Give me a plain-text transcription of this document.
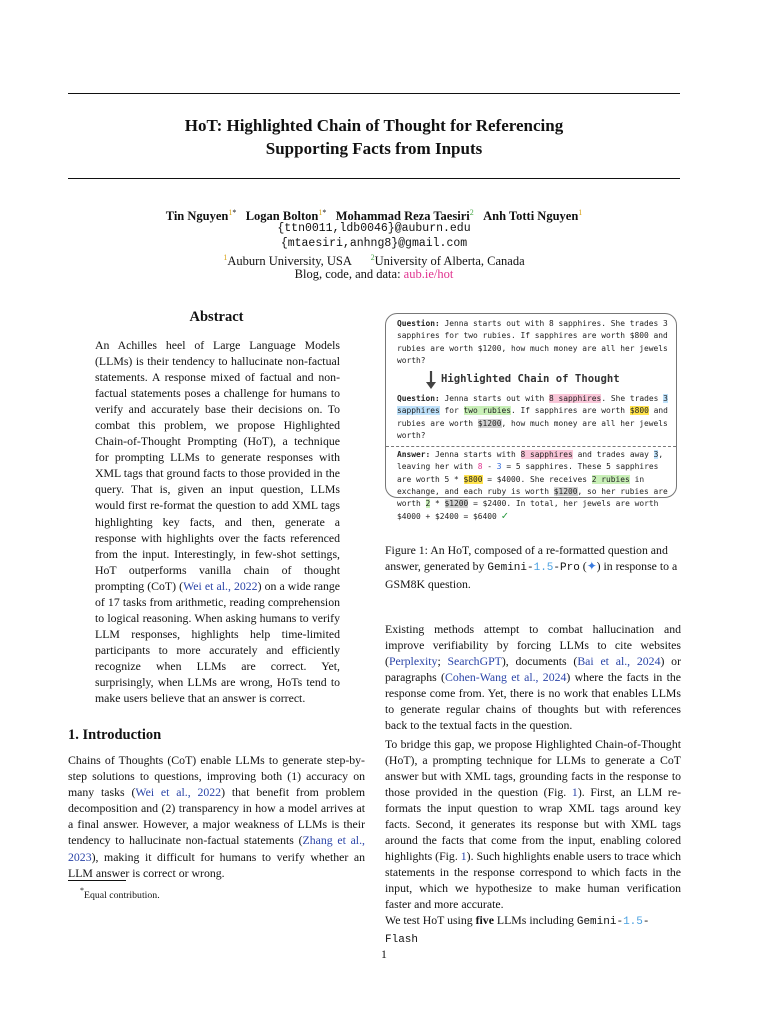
HoT: Highlighted Chain of Thought for Referencing
Supporting Facts from Inputs
Tin Nguyen$^{1*}$ Logan Bolton$^{1*}$ Mohammad Reza Taesiri$^2$ Anh Totti Nguyen$^1$
{ttn0011,ldb0046}@auburn.edu
{mtaesiri,anhng8}@gmail.com
$^1$Auburn University, USA $^2$University of Alberta, Canada
Blog, code, and data: aub.ie/hot
Abstract
An Achilles heel of Large Language Models (LLMs) is their tendency to hallucinate non-factual statements. A response mixed of factual and non-factual statements poses a challenge for humans to verify and accurately base their decisions on. To combat this problem, we propose Highlighted Chain-of-Thought Prompting (HoT), a technique for prompting LLMs to generate responses with XML tags that ground facts to those provided in the query. That is, given an input question, LLMs would first re-format the question to add XML tags highlighting key facts, and then, generate a response with highlights over the facts referenced from the input. Interestingly, in few-shot settings, HoT outperforms vanilla chain of thought prompting (CoT) (Wei et al., 2022) on a wide range of 17 tasks from arithmetic, reading comprehension to logical reasoning. When asking humans to verify LLM responses, highlights help time-limited participants to more accurately and efficiently recognize when LLMs are correct. Yet, surprisingly, when LLMs are wrong, HoTs tend to make users believe that an answer is correct.
1. Introduction
Chains of Thoughts (CoT) enable LLMs to generate step-by-step solutions to questions, improving both (1) accuracy on many tasks (Wei et al., 2022) that benefit from problem decomposition and (2) transparency in how a model arrives at a final answer. However, a major weakness of LLMs is their tendency to hallucinate non-factual statements (Zhang et al., 2023), making it difficult for humans to verify whether an LLM answer is correct or wrong.
*Equal contribution.
Question: Jenna starts out with 8 sapphires. She trades 3 sapphires for two rubies. If sapphires are worth $800 and rubies are worth $1200, how much money are all her jewels worth?
Highlighted Chain of Thought
Question: Jenna starts out with 8 sapphires. She trades 3 sapphires for two rubies. If sapphires are worth $800 and rubies are worth $1200, how much money are all her jewels worth?
Answer: Jenna starts with 8 sapphires and trades away 3, leaving her with 8 - 3 = 5 sapphires. These 5 sapphires are worth 5 * $800 = $4000. She receives 2 rubies in exchange, and each ruby is worth $1200, so her rubies are worth 2 * $1200 = $2400. In total, her jewels are worth $4000 + $2400 = $6400 ✓
Figure 1: An HoT, composed of a re-formatted question and answer, generated by Gemini-1.5-Pro (✦) in response to a GSM8K question.
Existing methods attempt to combat hallucination and improve verifiability by forcing LLMs to cite websites (Perplexity; SearchGPT), documents (Bai et al., 2024) or paragraphs (Cohen-Wang et al., 2024) where the facts in the response come from. Yet, there is no work that enables LLMs to generate regular chains of thoughts but with references back to the textual facts in the question.
To bridge this gap, we propose Highlighted Chain-of-Thought (HoT), a prompting technique for LLMs to generate a CoT answer but with XML tags, grounding facts in the response to those provided in the question (Fig. 1). First, an LLM re-formats the input question to wrap XML tags around key facts. Second, it generates its response but with XML tags around the facts that come from the input, enabling colored highlights (Fig. 1). Such highlights enable users to trace which statements in the response correspond to which facts in the input, which we hypothesize to make human verification faster and more accurate.
We test HoT using five LLMs including Gemini-1.5-Flash
1
